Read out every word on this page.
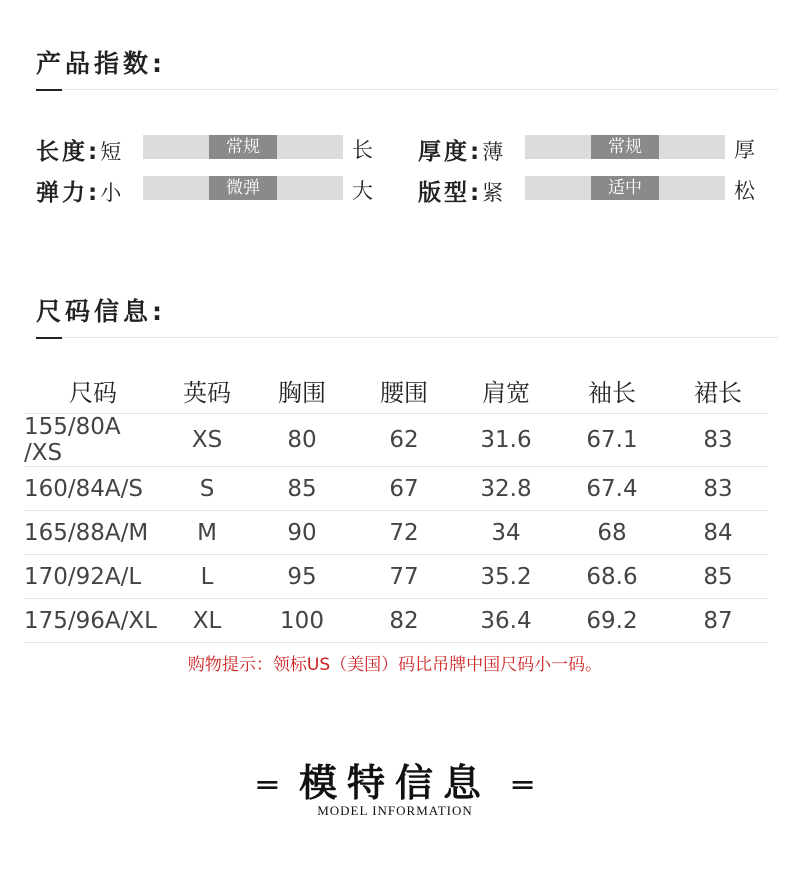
产品指数:
长度:短	常规	长 厚度:薄	常规	厚
弹力:小	微弹	大 版型:紧	适中	松
尺码信息:
尺码	英码	胸围	腰围	肩宽	袖长	裙长
155/80A /XS	XS	80	62	31.6	67.1	83
160/84A/S	S	85	67	32.8	67.4	83
165/88A/M	M	90	72	34	68	84
170/92A/L	L	95	77	35.2	68.6	85
175/96A/XL	XL	100	82	36.4	69.2	87
购物提示：领标US（美国）码比吊牌中国尺码小一码。
═ 模特信息 ═
MODEL INFORMATION
